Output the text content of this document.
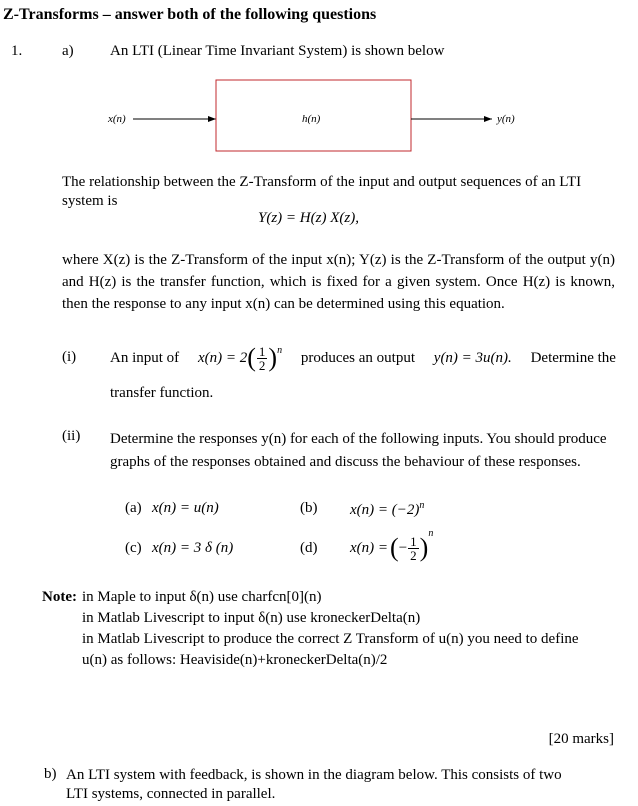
Z-Transforms – answer both of the following questions
1.	a) An LTI (Linear Time Invariant System) is shown below
x(n)	h(n)	y(n)
The relationship between the Z-Transform of the input and output sequences of an LTI system is
Y(z) = H(z) X(z),
where X(z) is the Z-Transform of the input x(n); Y(z) is the Z-Transform of the output y(n) and H(z) is the transfer function, which is fixed for a given system. Once H(z) is known, then the response to any input x(n) can be determined using this equation.
(i) An input of x(n) = 2 ( $\frac{1}{2} )^n$ produces an output y(n) = 3u(n). Determine the
transfer function.
(ii) Determine the responses y(n) for each of the following inputs. You should produce graphs of the responses obtained and discuss the behaviour of these responses.
(a) x(n) = u(n)	(b) $x(n) = (-2)^n$
(c) x(n) = 3 δ (n)	(d) x(n) = ( − $\frac{1}{2} )^n$
Note: in Maple to input δ(n) use charfcn[0](n)
in Matlab Livescript to input δ(n) use kroneckerDelta(n)
in Matlab Livescript to produce the correct Z Transform of u(n) you need to define
u(n) as follows: Heaviside(n)+kroneckerDelta(n)/2
[20 marks]
b) An LTI system with feedback, is shown in the diagram below. This consists of two LTI systems, connected in parallel.
